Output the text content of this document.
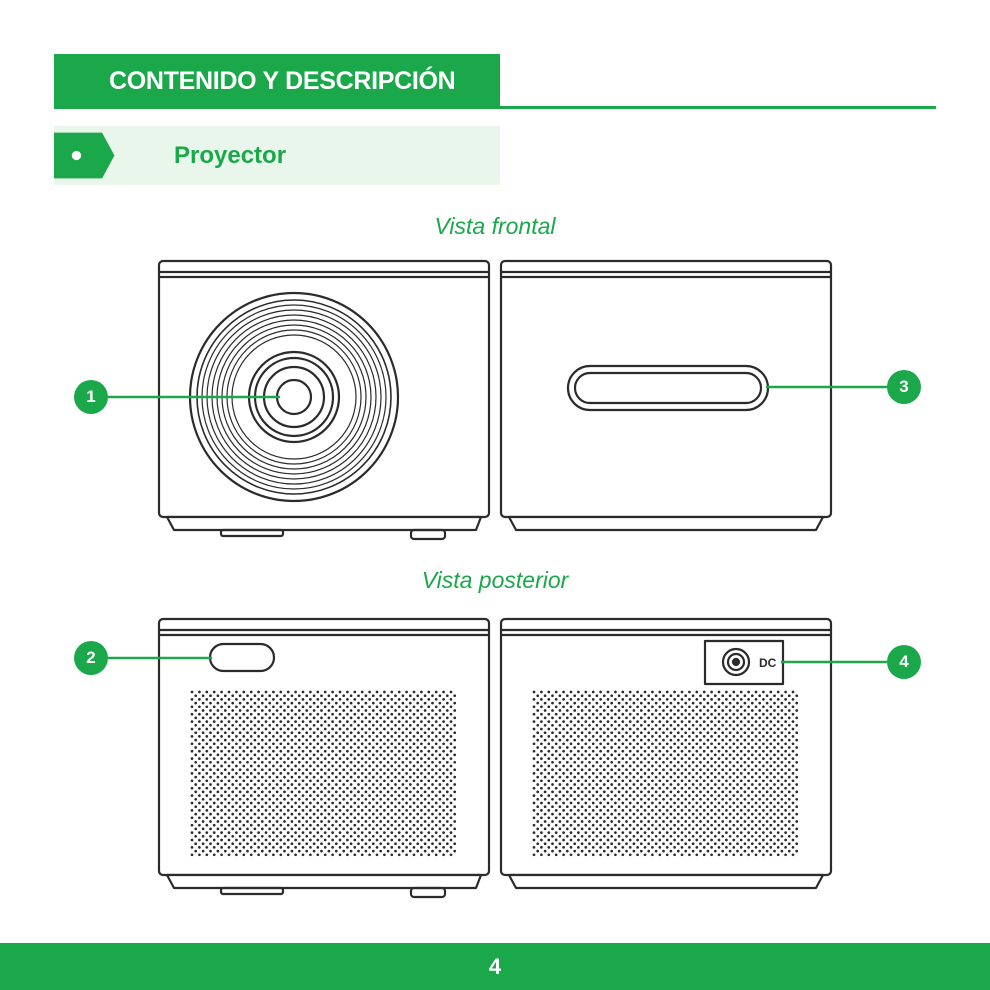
CONTENIDO Y DESCRIPCIÓN
Proyector
Vista frontal
Vista posterior
DC
1
2
3
4
4
